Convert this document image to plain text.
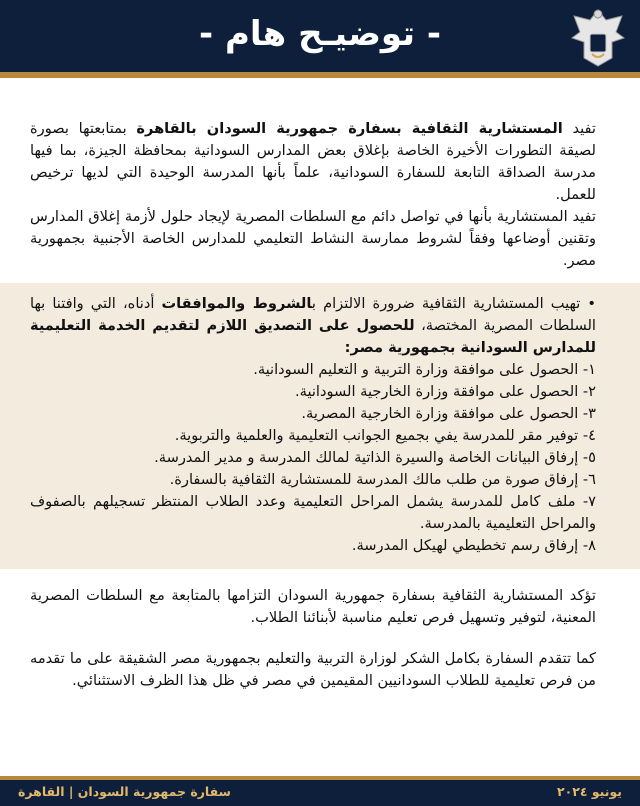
- توضيـح هام -

تفيد المستشارية الثقافية بسفارة جمهورية السودان بالقاهرة بمتابعتها بصورة لصيقة التطورات الأخيرة الخاصة بإغلاق بعض المدارس السودانية بمحافظة الجيزة، بما فيها مدرسة الصداقة التابعة للسفارة السودانية، علماً بأنها المدرسة الوحيدة التي لديها ترخيص للعمل.

تفيد المستشارية بأنها في تواصل دائم مع السلطات المصرية لإيجاد حلول لأزمة إغلاق المدارس وتقنين أوضاعها وفقاً لشروط ممارسة النشاط التعليمي للمدارس الخاصة الأجنبية بجمهورية مصر.

• تهيب المستشارية الثقافية ضرورة الالتزام بالشروط والموافقات أدناه، التي وافتنا بها السلطات المصرية المختصة، للحصول على التصديق اللازم لتقديم الخدمة التعليمية للمدارس السودانية بجمهورية مصر:

١- الحصول على موافقة وزارة التربية و التعليم السودانية.
٢- الحصول على موافقة وزارة الخارجية السودانية.
٣- الحصول على موافقة وزارة الخارجية المصرية.
٤- توفير مقر للمدرسة يفي بجميع الجوانب التعليمية والعلمية والتربوية.
٥- إرفاق البيانات الخاصة والسيرة الذاتية لمالك المدرسة و مدير المدرسة.
٦- إرفاق صورة من طلب مالك المدرسة للمستشارية الثقافية بالسفارة.
٧- ملف كامل للمدرسة يشمل المراحل التعليمية وعدد الطلاب المنتظر تسجيلهم بالصفوف والمراحل التعليمية بالمدرسة.
٨- إرفاق رسم تخطيطي لهيكل المدرسة.

تؤكد المستشارية الثقافية بسفارة جمهورية السودان التزامها بالمتابعة مع السلطات المصرية المعنية، لتوفير وتسهيل فرص تعليم مناسبة لأبنائنا الطلاب.

كما تتقدم السفارة بكامل الشكر لوزارة التربية والتعليم بجمهورية مصر الشقيقة على ما تقدمه من فرص تعليمية للطلاب السودانيين المقيمين في مصر في ظل هذا الظرف الاستثنائي.

يونيو ٢٠٢٤
سفارة جمهورية السودان | القاهرة
